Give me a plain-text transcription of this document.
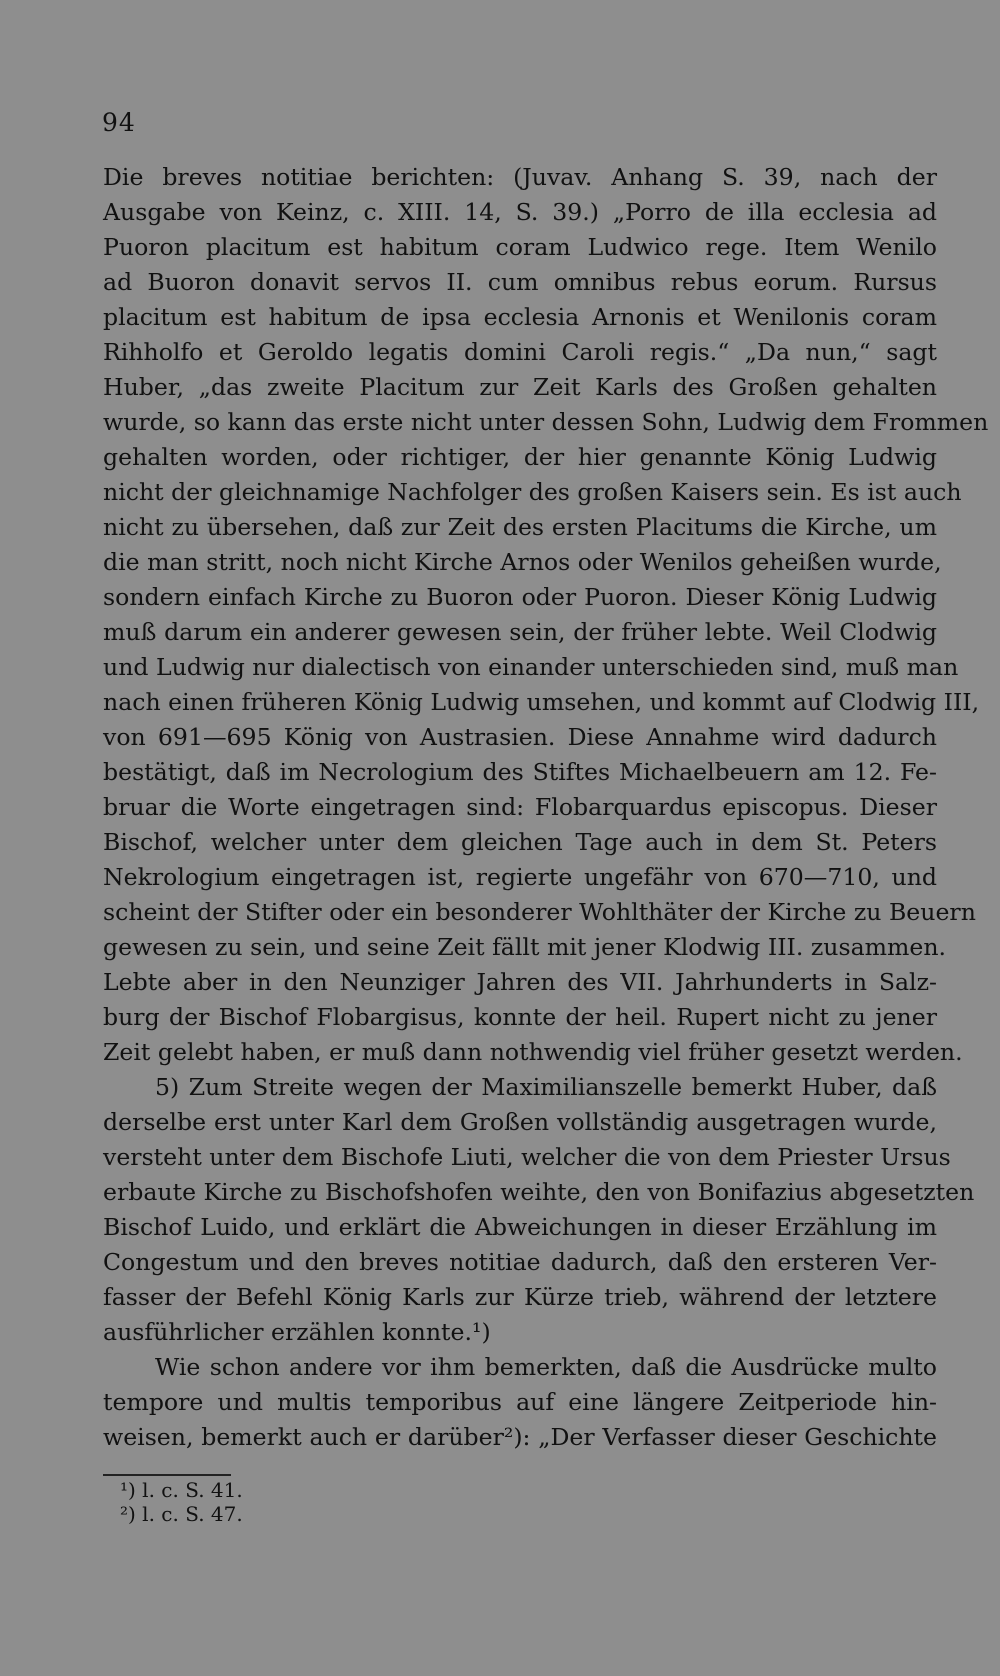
94
Die breves notitiae berichten: (Juvav. Anhang S. 39, nach der
Ausgabe von Keinz, c. XIII. 14, S. 39.) „Porro de illa ecclesia ad
Puoron placitum est habitum coram Ludwico rege. Item Wenilo
ad Buoron donavit servos II. cum omnibus rebus eorum. Rursus
placitum est habitum de ipsa ecclesia Arnonis et Wenilonis coram
Rihholfo et Geroldo legatis domini Caroli regis.“ „Da nun,“ sagt
Huber, „das zweite Placitum zur Zeit Karls des Großen gehalten
wurde, so kann das erste nicht unter dessen Sohn, Ludwig dem Frommen
gehalten worden, oder richtiger, der hier genannte König Ludwig
nicht der gleichnamige Nachfolger des großen Kaisers sein. Es ist auch
nicht zu übersehen, daß zur Zeit des ersten Placitums die Kirche, um
die man stritt, noch nicht Kirche Arnos oder Wenilos geheißen wurde,
sondern einfach Kirche zu Buoron oder Puoron. Dieser König Ludwig
muß darum ein anderer gewesen sein, der früher lebte. Weil Clodwig
und Ludwig nur dialectisch von einander unterschieden sind, muß man
nach einen früheren König Ludwig umsehen, und kommt auf Clodwig III,
von 691—695 König von Austrasien. Diese Annahme wird dadurch
bestätigt, daß im Necrologium des Stiftes Michaelbeuern am 12. Fe-
bruar die Worte eingetragen sind: Flobarquardus episcopus. Dieser
Bischof, welcher unter dem gleichen Tage auch in dem St. Peters
Nekrologium eingetragen ist, regierte ungefähr von 670—710, und
scheint der Stifter oder ein besonderer Wohlthäter der Kirche zu Beuern
gewesen zu sein, und seine Zeit fällt mit jener Klodwig III. zusammen.
Lebte aber in den Neunziger Jahren des VII. Jahrhunderts in Salz-
burg der Bischof Flobargisus, konnte der heil. Rupert nicht zu jener
Zeit gelebt haben, er muß dann nothwendig viel früher gesetzt werden.
5) Zum Streite wegen der Maximilianszelle bemerkt Huber, daß
derselbe erst unter Karl dem Großen vollständig ausgetragen wurde,
versteht unter dem Bischofe Liuti, welcher die von dem Priester Ursus
erbaute Kirche zu Bischofshofen weihte, den von Bonifazius abgesetzten
Bischof Luido, und erklärt die Abweichungen in dieser Erzählung im
Congestum und den breves notitiae dadurch, daß den ersteren Ver-
fasser der Befehl König Karls zur Kürze trieb, während der letztere
ausführlicher erzählen konnte.¹)
Wie schon andere vor ihm bemerkten, daß die Ausdrücke multo
tempore und multis temporibus auf eine längere Zeitperiode hin-
weisen, bemerkt auch er darüber²): „Der Verfasser dieser Geschichte
¹) l. c. S. 41.
²) l. c. S. 47.
